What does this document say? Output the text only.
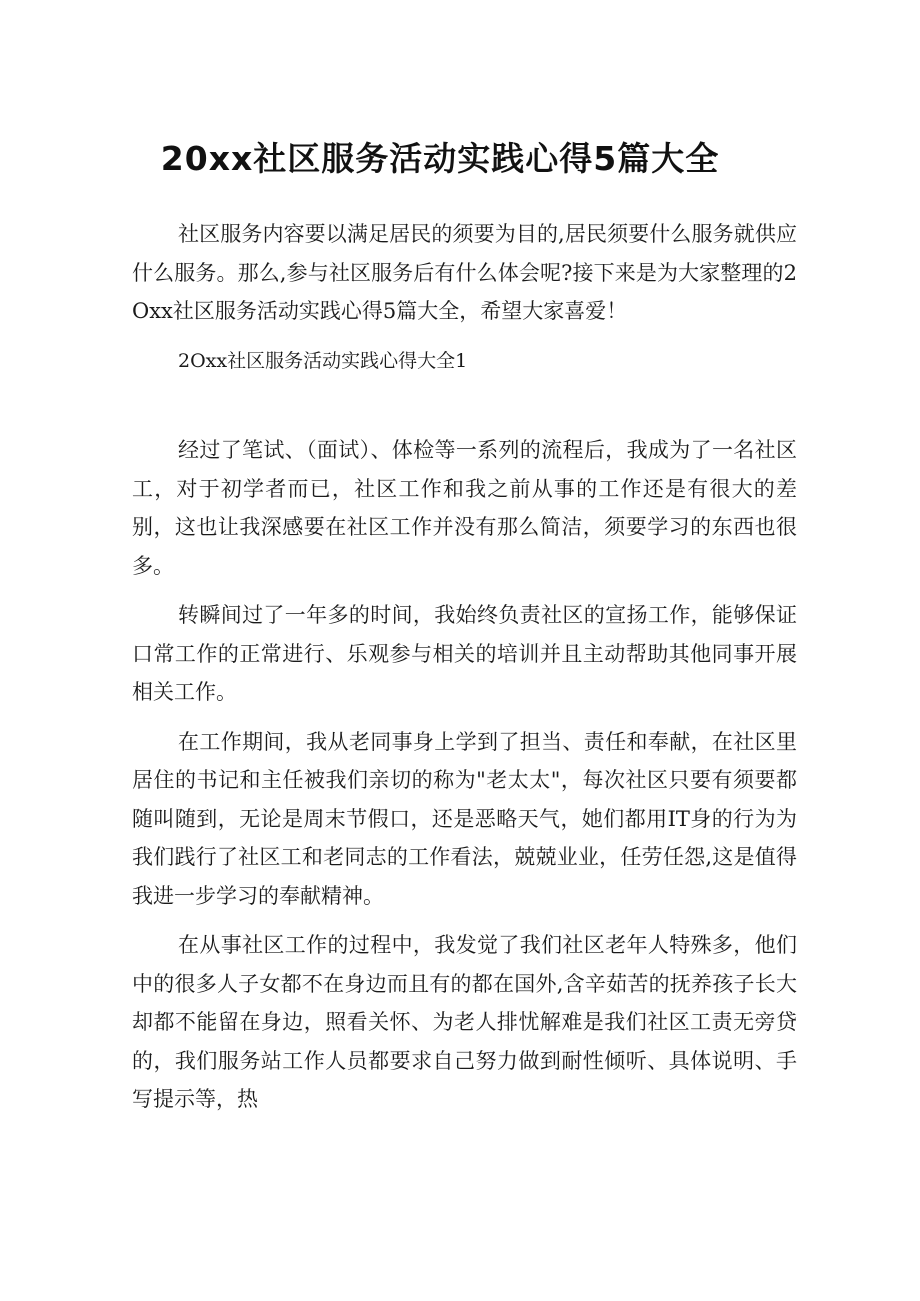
20xx社区服务活动实践心得5篇大全

社区服务内容要以满足居民的须要为目的,居民须要什么服务就供应什么服务。那么,参与社区服务后有什么体会呢?接下来是为大家整理的2Oxx社区服务活动实践心得5篇大全，希望大家喜爱！

2Oxx社区服务活动实践心得大全1

经过了笔试、（面试）、体检等一系列的流程后，我成为了一名社区工，对于初学者而已，社区工作和我之前从事的工作还是有很大的差别，这也让我深感要在社区工作并没有那么简洁，须要学习的东西也很多。

转瞬间过了一年多的时间，我始终负责社区的宣扬工作，能够保证口常工作的正常进行、乐观参与相关的培训并且主动帮助其他同事开展相关工作。

在工作期间，我从老同事身上学到了担当、责任和奉献，在社区里居住的书记和主任被我们亲切的称为"老太太"，每次社区只要有须要都随叫随到，无论是周末节假口，还是恶略天气，她们都用IT身的行为为我们践行了社区工和老同志的工作看法，兢兢业业，任劳任怨,这是值得我进一步学习的奉献精神。

在从事社区工作的过程中，我发觉了我们社区老年人特殊多，他们中的很多人子女都不在身边而且有的都在国外,含辛茹苦的抚养孩子长大却都不能留在身边，照看关怀、为老人排忧解难是我们社区工责无旁贷的，我们服务站工作人员都要求自己努力做到耐性倾听、具体说明、手写提示等，热
